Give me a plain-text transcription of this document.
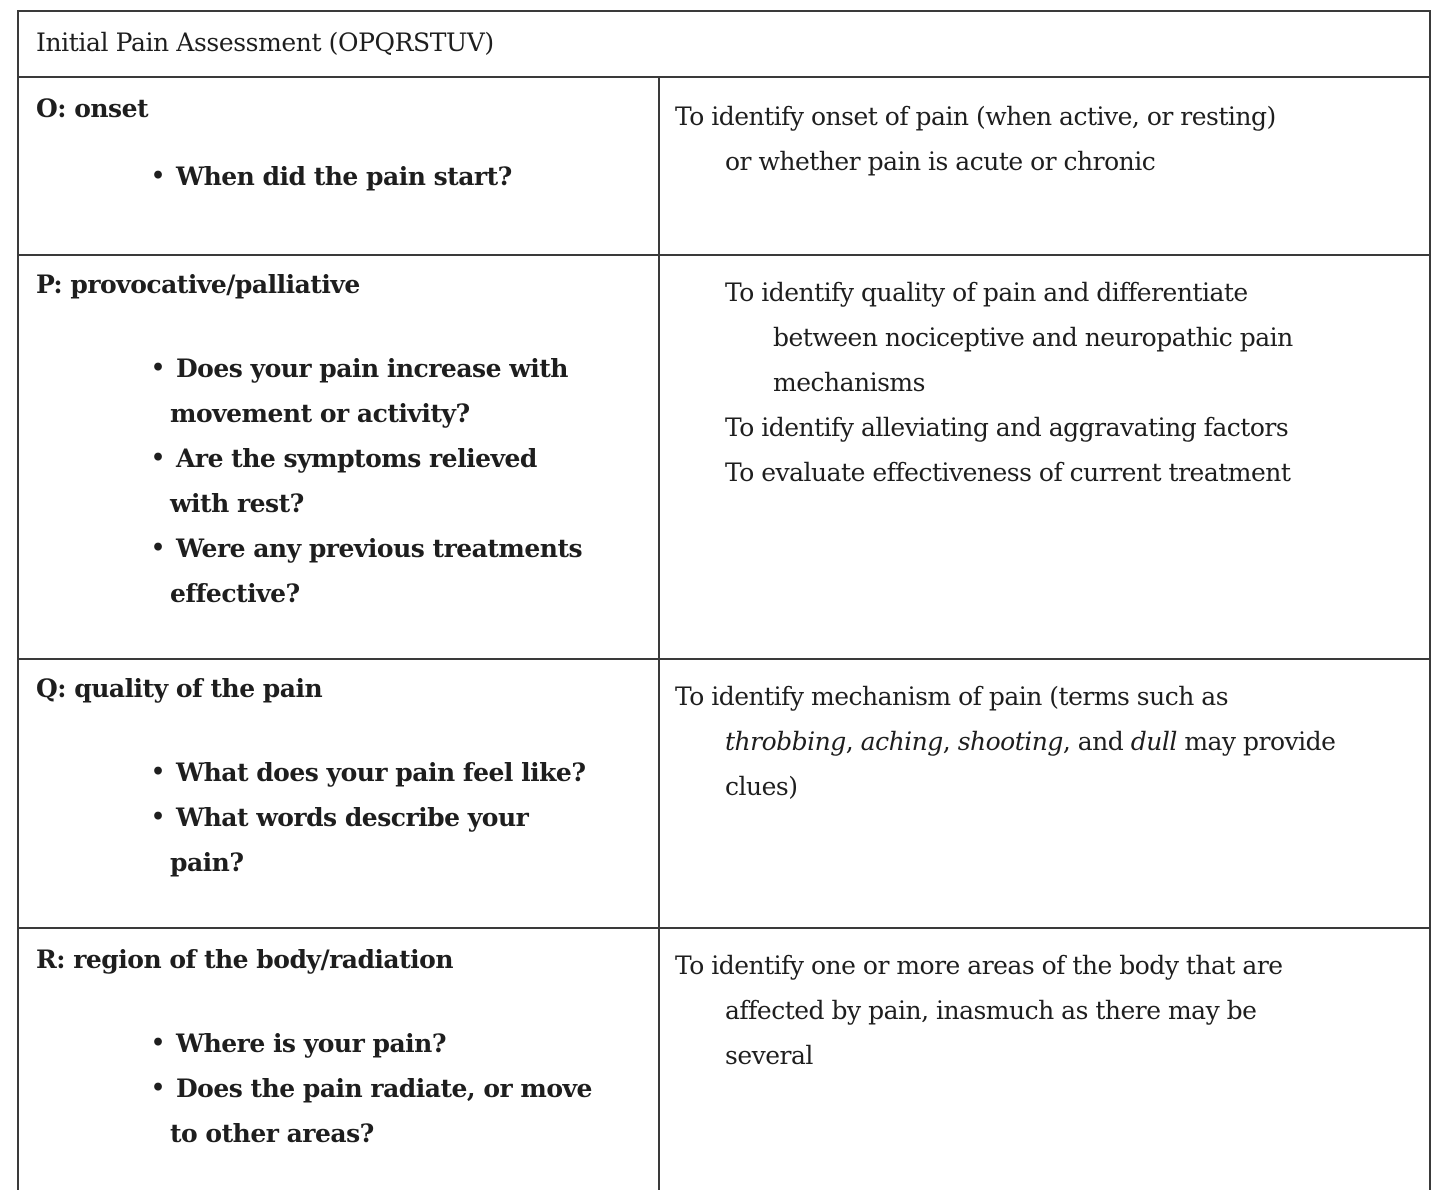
Initial Pain Assessment (OPQRSTUV)
O: onset
• When did the pain start?
To identify onset of pain (when active, or resting)
or whether pain is acute or chronic
P: provocative/palliative
• Does your pain increase with
movement or activity?
• Are the symptoms relieved
with rest?
• Were any previous treatments
effective?
To identify quality of pain and differentiate
between nociceptive and neuropathic pain
mechanisms
To identify alleviating and aggravating factors
To evaluate effectiveness of current treatment
Q: quality of the pain
• What does your pain feel like?
• What words describe your
pain?
To identify mechanism of pain (terms such as
throbbing, aching, shooting, and dull may provide
clues)
R: region of the body/radiation
• Where is your pain?
• Does the pain radiate, or move
to other areas?
To identify one or more areas of the body that are
affected by pain, inasmuch as there may be
several
